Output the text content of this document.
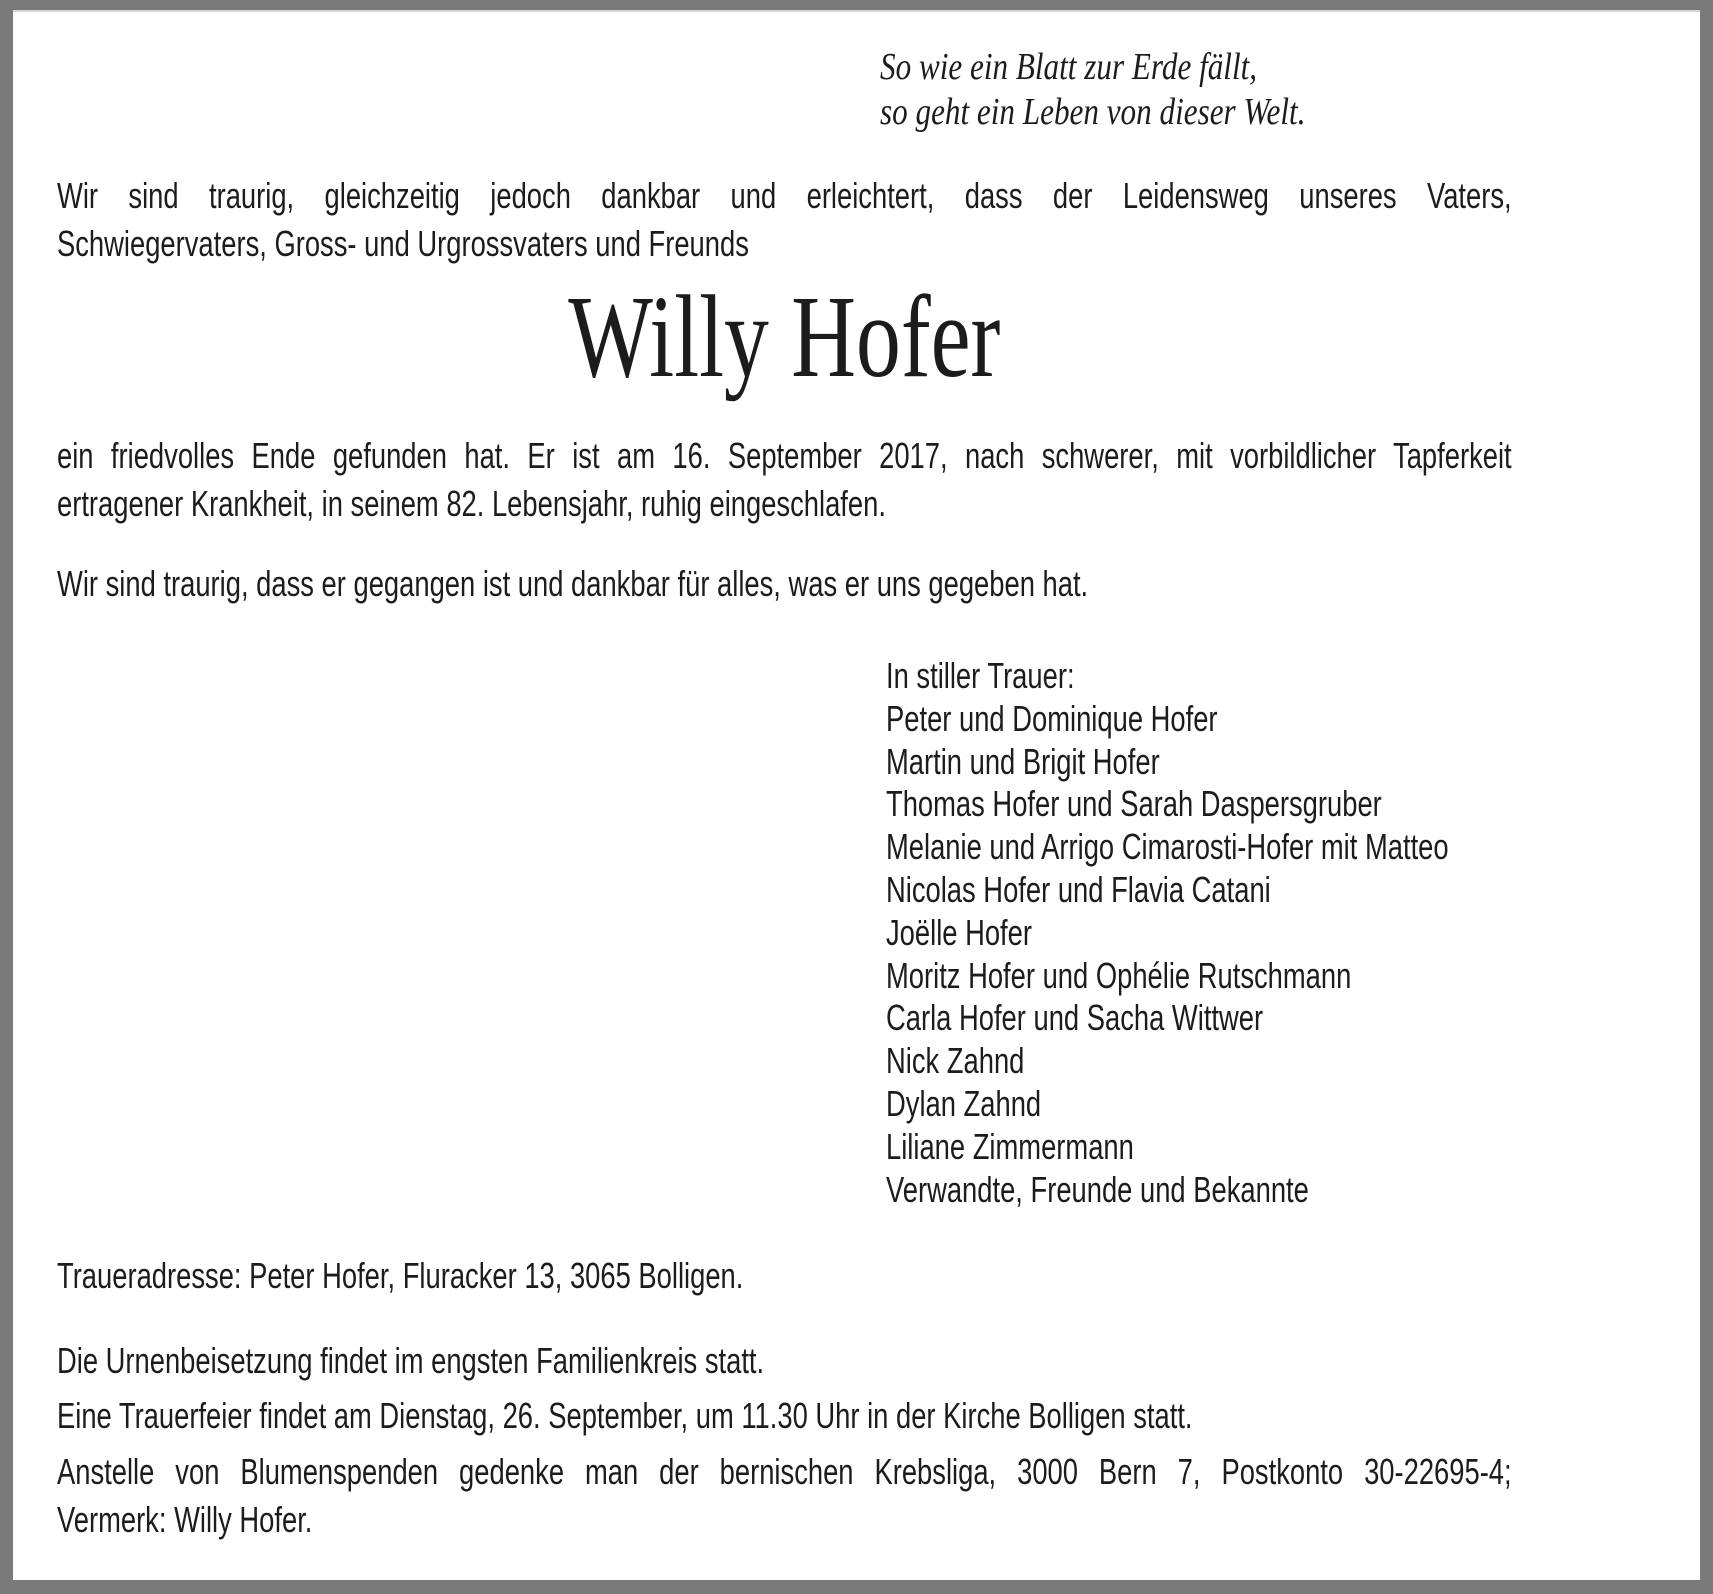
So wie ein Blatt zur Erde fällt,
so geht ein Leben von dieser Welt.
Wir sind traurig, gleichzeitig jedoch dankbar und erleichtert, dass der Leidensweg unseres Vaters,
Schwiegervaters, Gross- und Urgrossvaters und Freunds
Willy Hofer
ein friedvolles Ende gefunden hat. Er ist am 16. September 2017, nach schwerer, mit vorbildlicher Tapferkeit
ertragener Krankheit, in seinem 82. Lebensjahr, ruhig eingeschlafen.
Wir sind traurig, dass er gegangen ist und dankbar für alles, was er uns gegeben hat.
In stiller Trauer:
Peter und Dominique Hofer
Martin und Brigit Hofer
Thomas Hofer und Sarah Daspersgruber
Melanie und Arrigo Cimarosti-Hofer mit Matteo
Nicolas Hofer und Flavia Catani
Joëlle Hofer
Moritz Hofer und Ophélie Rutschmann
Carla Hofer und Sacha Wittwer
Nick Zahnd
Dylan Zahnd
Liliane Zimmermann
Verwandte, Freunde und Bekannte
Traueradresse: Peter Hofer, Fluracker 13, 3065 Bolligen.
Die Urnenbeisetzung findet im engsten Familienkreis statt.
Eine Trauerfeier findet am Dienstag, 26. September, um 11.30 Uhr in der Kirche Bolligen statt.
Anstelle von Blumenspenden gedenke man der bernischen Krebsliga, 3000 Bern 7, Postkonto 30-22695-4;
Vermerk: Willy Hofer.
